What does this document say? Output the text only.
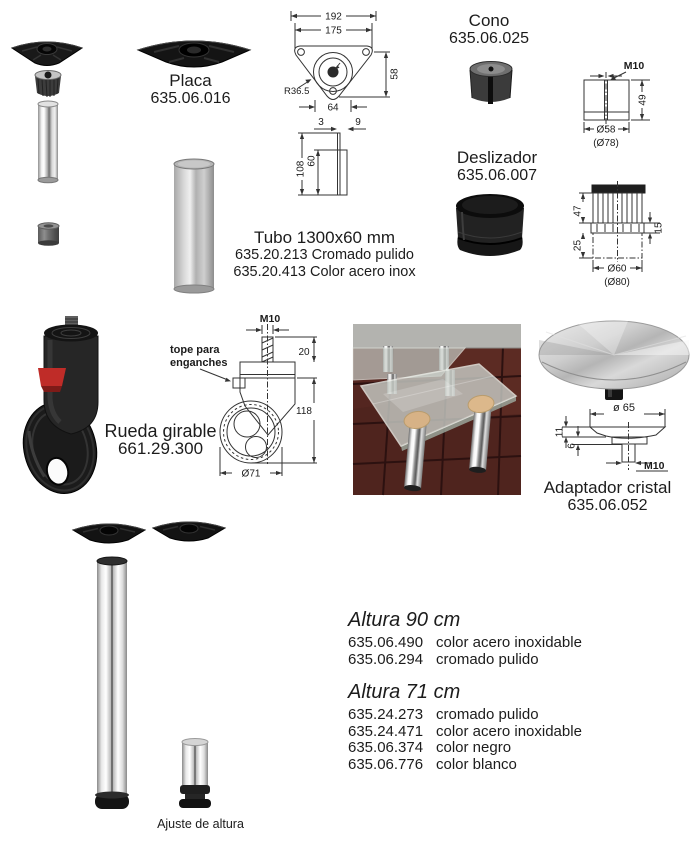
Placa
635.06.016
192
175
58
R36.5
64
3	9
108 60
Tubo 1300x60 mm
635.20.213 Cromado pulido
635.20.413 Color acero inox
Cono
635.06.025
M10
49
Ø58
(Ø78)
Deslizador
635.06.007
47
25
15
Ø60
(Ø80)
Rueda girable
661.29.300
M10
tope para
enganches
20
118
Ø71
ø 65
11
6
M10
Adaptador cristal
635.06.052
Ajuste de altura
Altura 90 cm
635.06.490 color acero inoxidable
635.06.294 cromado pulido
Altura 71 cm
635.24.273 cromado pulido
635.24.471 color acero inoxidable
635.06.374 color negro
635.06.776 color blanco
